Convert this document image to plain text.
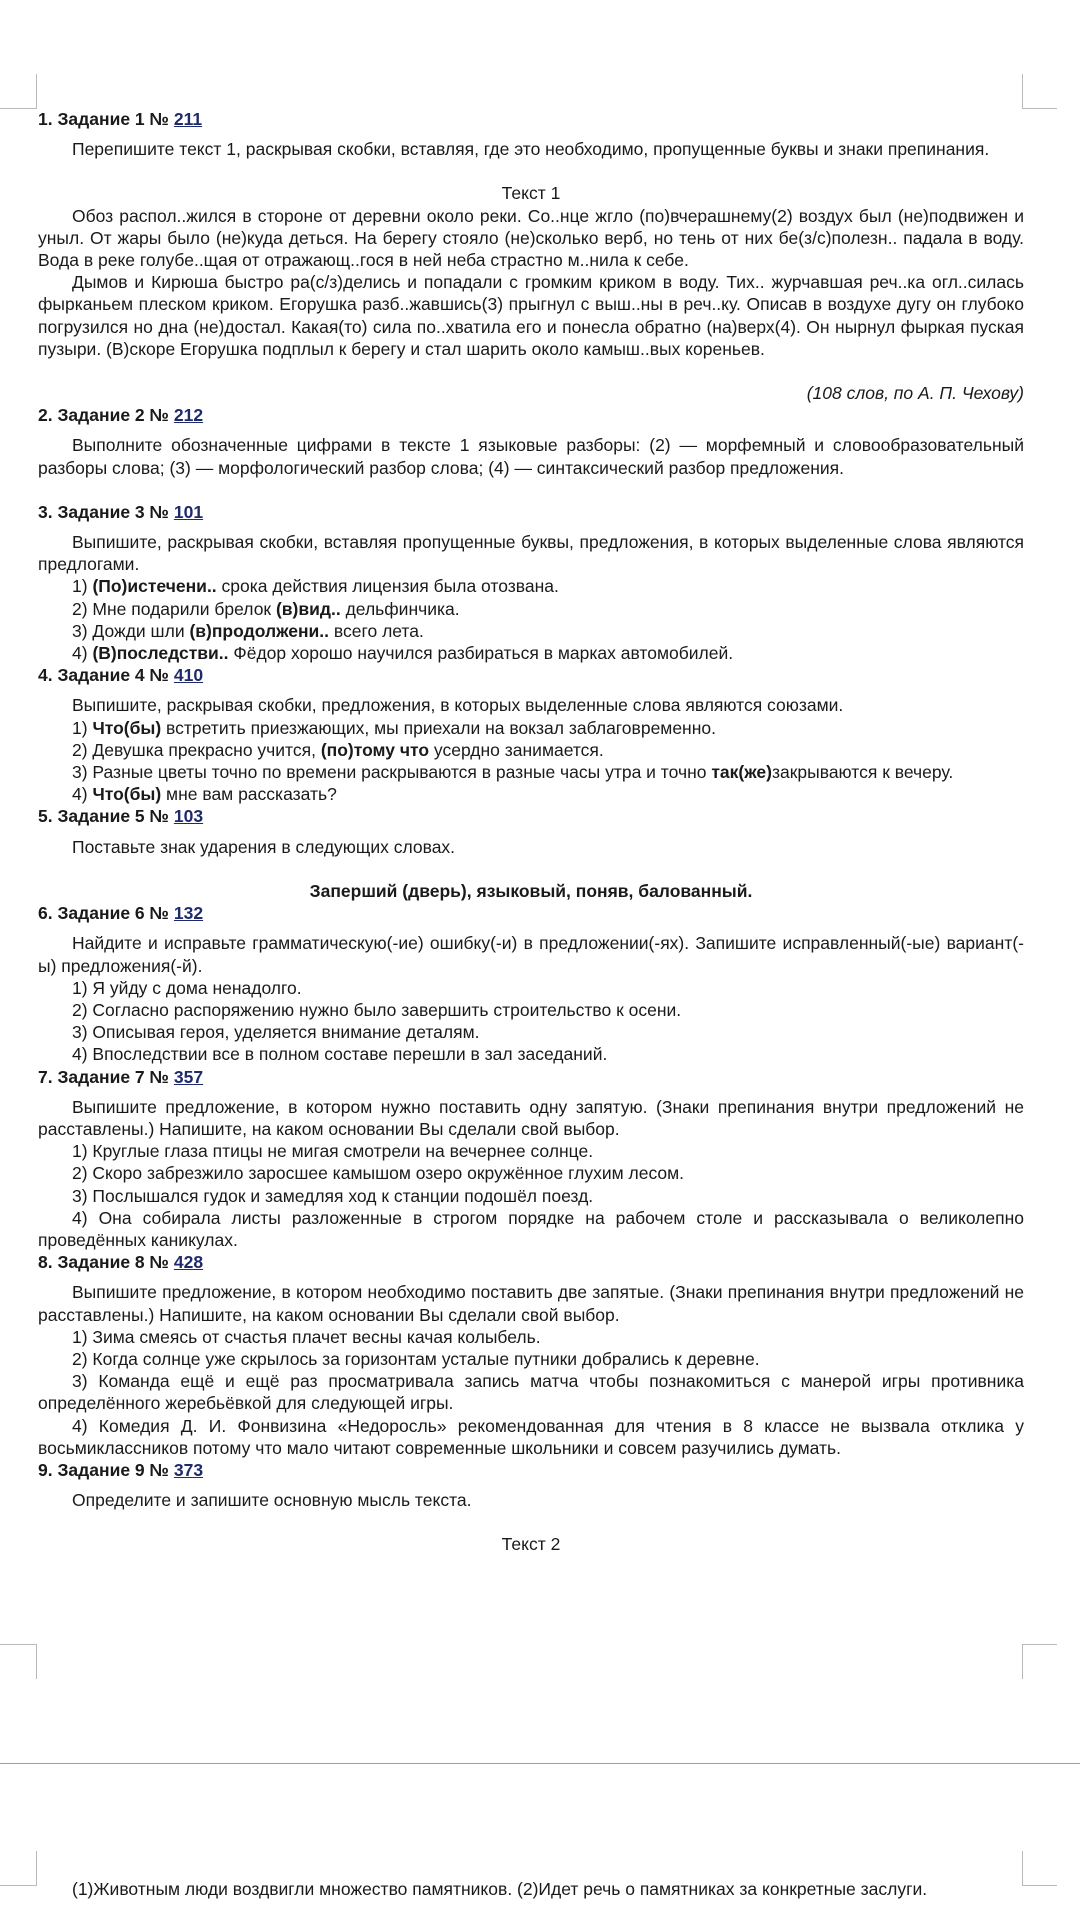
1. Задание 1 № 211

Перепишите текст 1, раскрывая скобки, вставляя, где это необходимо, пропущенные буквы и знаки препинания.

Текст 1

Обоз распол..жился в стороне от деревни около реки. Со..нце жгло (по)вчерашнему(2) воздух был (не)подвижен и уныл. От жары было (не)куда деться. На берегу стояло (не)сколько верб, но тень от них бе(з/с)полезн.. падала в воду. Вода в реке голубе..щая от отражающ..гося в ней неба страстно м..нила к себе.

Дымов и Кирюша быстро ра(с/з)делись и попадали с громким криком в воду. Тих.. журчавшая реч..ка огл..силась фырканьем плеском криком. Егорушка разб..жавшись(3) прыгнул с выш..ны в реч..ку. Описав в воздухе дугу он глубоко погрузился но дна (не)достал. Какая(то) сила по..хватила его и понесла обратно (на)верх(4). Он нырнул фыркая пуская пузыри. (В)скоре Егорушка подплыл к берегу и стал шарить около камыш..вых кореньев.

(108 слов, по А. П. Чехову)

2. Задание 2 № 212

Выполните обозначенные цифрами в тексте 1 языковые разборы: (2) — морфемный и словообразовательный разборы слова; (3) — морфологический разбор слова; (4) — синтаксический разбор предложения.

3. Задание 3 № 101

Выпишите, раскрывая скобки, вставляя пропущенные буквы, предложения, в которых выделенные слова являются предлогами.

1) (По)истечени.. срока действия лицензия была отозвана.

2) Мне подарили брелок (в)вид.. дельфинчика.

3) Дожди шли (в)продолжени.. всего лета.

4) (В)последстви.. Фёдор хорошо научился разбираться в марках автомобилей.

4. Задание 4 № 410

Выпишите, раскрывая скобки, предложения, в которых выделенные слова являются союзами.

1) Что(бы) встретить приезжающих, мы приехали на вокзал заблаговременно.

2) Девушка прекрасно учится, (по)тому что усердно занимается.

3) Разные цветы точно по времени раскрываются в разные часы утра и точно так(же)закрываются к вечеру.

4) Что(бы) мне вам рассказать?

5. Задание 5 № 103

Поставьте знак ударения в следующих словах.

Заперший (дверь), языковый, поняв, балованный.

6. Задание 6 № 132

Найдите и исправьте грамматическую(-ие) ошибку(-и) в предложении(-ях). Запишите исправленный(-ые) вариант(-ы) предложения(-й).

1) Я уйду с дома ненадолго.

2) Согласно распоряжению нужно было завершить строительство к осени.

3) Описывая героя, уделяется внимание деталям.

4) Впоследствии все в полном составе перешли в зал заседаний.

7. Задание 7 № 357

Выпишите предложение, в котором нужно поставить одну запятую. (Знаки препинания внутри предложений не расставлены.) Напишите, на каком основании Вы сделали свой выбор.

1) Круглые глаза птицы не мигая смотрели на вечернее солнце.

2) Скоро забрезжило заросшее камышом озеро окружённое глухим лесом.

3) Послышался гудок и замедляя ход к станции подошёл поезд.

4) Она собирала листы разложенные в строгом порядке на рабочем столе и рассказывала о великолепно проведённых каникулах.

8. Задание 8 № 428

Выпишите предложение, в котором необходимо поставить две запятые. (Знаки препинания внутри предложений не расставлены.) Напишите, на каком основании Вы сделали свой выбор.

1) Зима смеясь от счастья плачет весны качая колыбель.

2) Когда солнце уже скрылось за горизонтам усталые путники добрались к деревне.

3) Команда ещё и ещё раз просматривала запись матча чтобы познакомиться с манерой игры противника определённого жеребьёвкой для следующей игры.

4) Комедия Д. И. Фонвизина «Недоросль» рекомендованная для чтения в 8 классе не вызвала отклика у восьмиклассников потому что мало читают современные школьники и совсем разучились думать.

9. Задание 9 № 373

Определите и запишите основную мысль текста.

Текст 2

(1)Животным люди воздвигли множество памятников. (2)Идет речь о памятниках за конкретные заслуги.
